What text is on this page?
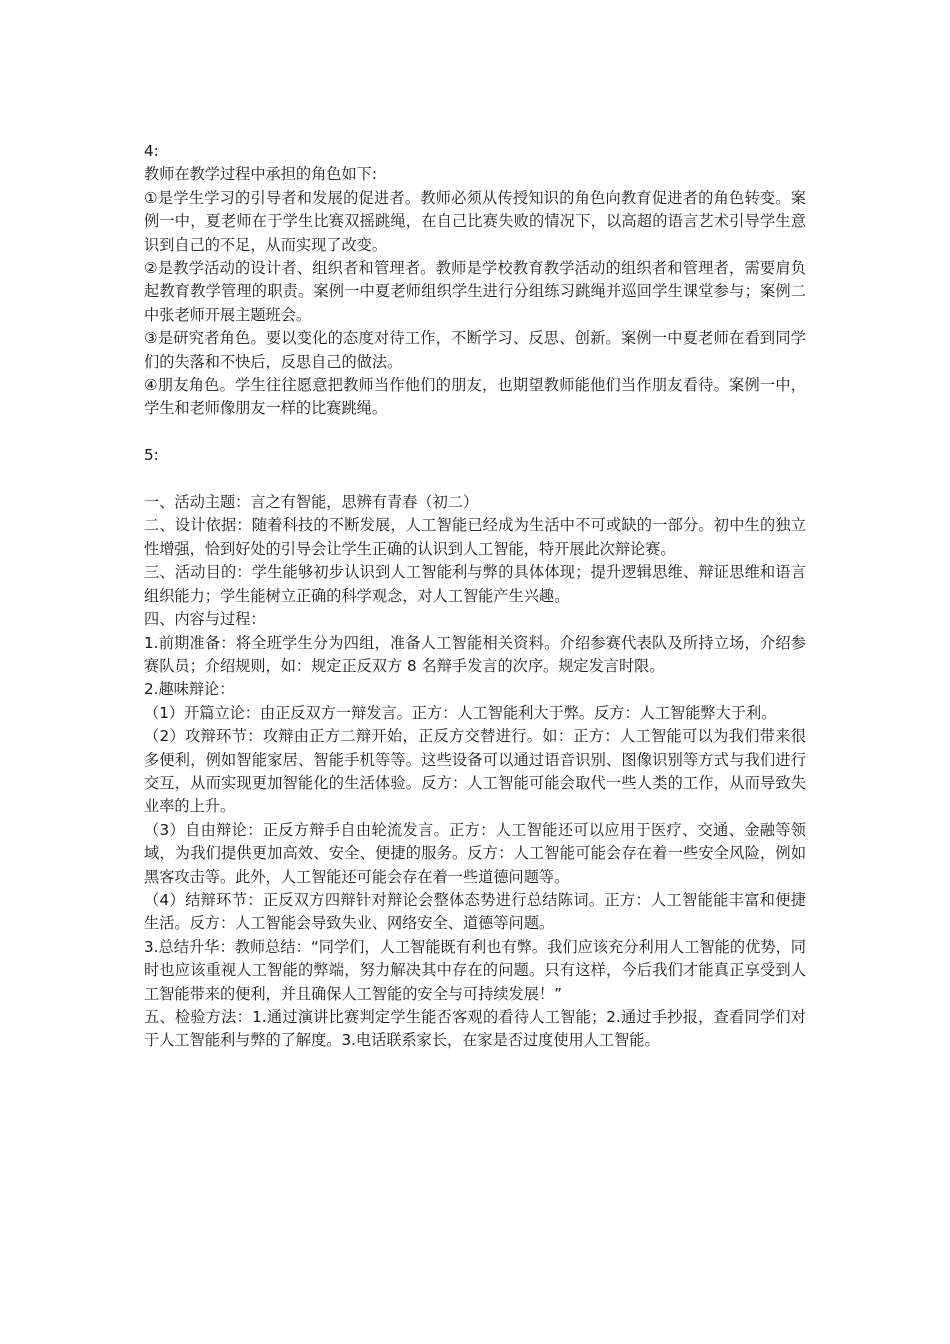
4:
教师在教学过程中承担的角色如下:
①是学生学习的引导者和发展的促进者。教师必须从传授知识的角色向教育促进者的角色转变。案例一中，夏老师在于学生比赛双摇跳绳，在自己比赛失败的情况下，以高超的语言艺术引导学生意识到自己的不足，从而实现了改变。
②是教学活动的设计者、组织者和管理者。教师是学校教育教学活动的组织者和管理者，需要肩负起教育教学管理的职责。案例一中夏老师组织学生进行分组练习跳绳并巡回学生课堂参与；案例二中张老师开展主题班会。
③是研究者角色。要以变化的态度对待工作，不断学习、反思、创新。案例一中夏老师在看到同学们的失落和不快后，反思自己的做法。
④朋友角色。学生往往愿意把教师当作他们的朋友，也期望教师能他们当作朋友看待。案例一中，学生和老师像朋友一样的比赛跳绳。
5:
一、活动主题：言之有智能，思辨有青春（初二）
二、设计依据：随着科技的不断发展，人工智能已经成为生活中不可或缺的一部分。初中生的独立性增强，恰到好处的引导会让学生正确的认识到人工智能，特开展此次辩论赛。
三、活动目的：学生能够初步认识到人工智能利与弊的具体体现；提升逻辑思维、辩证思维和语言组织能力；学生能树立正确的科学观念，对人工智能产生兴趣。
四、内容与过程：
1.前期准备：将全班学生分为四组，准备人工智能相关资料。介绍参赛代表队及所持立场，介绍参赛队员；介绍规则，如：规定正反双方 8 名辩手发言的次序。规定发言时限。
2.趣味辩论：
（1）开篇立论：由正反双方一辩发言。正方：人工智能利大于弊。反方：人工智能弊大于利。
（2）攻辩环节：攻辩由正方二辩开始，正反方交替进行。如：正方：人工智能可以为我们带来很多便利，例如智能家居、智能手机等等。这些设备可以通过语音识别、图像识别等方式与我们进行交互，从而实现更加智能化的生活体验。反方：人工智能可能会取代一些人类的工作，从而导致失业率的上升。
（3）自由辩论：正反方辩手自由轮流发言。正方：人工智能还可以应用于医疗、交通、金融等领域，为我们提供更加高效、安全、便捷的服务。反方：人工智能可能会存在着一些安全风险，例如黑客攻击等。此外，人工智能还可能会存在着一些道德问题等。
（4）结辩环节：正反双方四辩针对辩论会整体态势进行总结陈词。正方：人工智能能丰富和便捷生活。反方：人工智能会导致失业、网络安全、道德等问题。
3.总结升华：教师总结：“同学们，人工智能既有利也有弊。我们应该充分利用人工智能的优势，同时也应该重视人工智能的弊端，努力解决其中存在的问题。只有这样，今后我们才能真正享受到人工智能带来的便利，并且确保人工智能的安全与可持续发展！”
五、检验方法：1.通过演讲比赛判定学生能否客观的看待人工智能；2.通过手抄报，查看同学们对于人工智能利与弊的了解度。3.电话联系家长，在家是否过度使用人工智能。
